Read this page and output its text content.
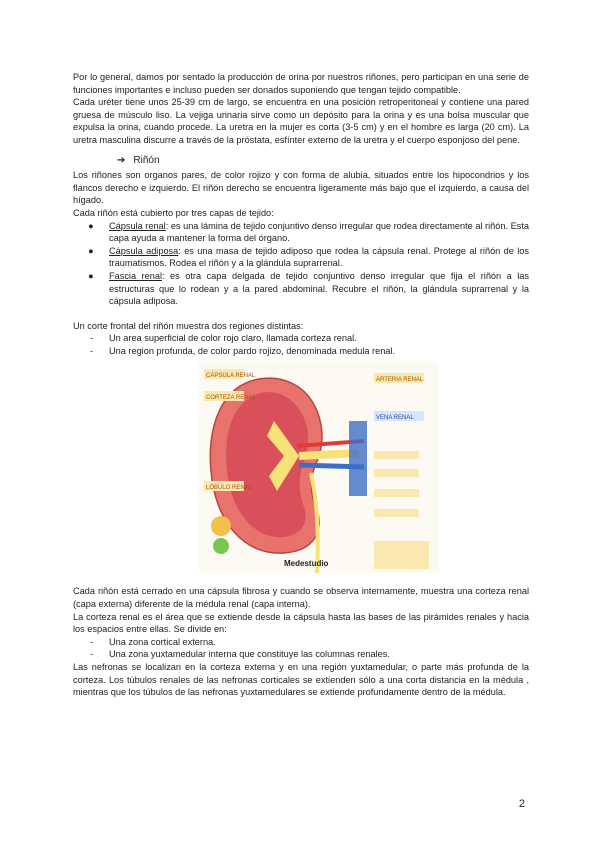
Por lo general, damos por sentado la producción de orina por nuestros riñones, pero participan en una serie de funciones importantes e incluso pueden ser donados suponiendo que tengan tejido compatible.

Cada uréter tiene unos 25-39 cm de largo, se encuentra en una posición retroperitoneal y contiene una pared gruesa de músculo liso. La vejiga urinaria sirve como un depósito para la orina y es una bolsa muscular que expulsa la orina, cuando procede. La uretra en la mujer es corta (3-5 cm) y en el hombre es larga (20 cm). La uretra masculina discurre a través de la próstata, esfínter externo de la uretra y el cuerpo esponjoso del pene.

➔ Riñón

Los riñones son organos pares, de color rojizo y con forma de alubia, situados entre los hipocondrios y los flancos derecho e izquierdo. El riñón derecho se encuentra ligeramente más bajo que el izquierdo, a causa del hígado.

Cada riñón está cubierto por tres capas de tejido:

● Cápsula renal: es una lámina de tejido conjuntivo denso irregular que rodea directamente al riñón. Esta capa ayuda a mantener la forma del órgano.
● Cápsula adiposa: es una masa de tejido adiposo que rodea la cápsula renal. Protege al riñón de los traumatismos. Rodea el riñón y a la glándula suprarrenal.
● Fascia renal: es otra capa delgada de tejido conjuntivo denso irregular que fija el riñón a las estructuras que lo rodean y a la pared abdominal. Recubre el riñón, la glándula suprarrenal y la cápsula adiposa.

Un corte frontal del riñón muestra dos regiones distintas:

- Un area superficial de color rojo claro, llamada corteza renal.
- Una region profunda, de color pardo rojizo, denominada medula renal.
CÁPSULA RENAL
CORTEZA RENAL
ARTERIA RENAL
VENA RENAL
LÓBULO RENAL
Medestudio

Cada riñón está cerrado en una cápsula fibrosa y cuando se observa internamente, muestra una corteza renal (capa externa) diferente de la médula renal (capa interna).

La corteza renal es el área que se extiende desde la cápsula hasta las bases de las pirámides renales y hacia los espacios entre ellas. Se divide en:

- Una zona cortical externa.
- Una zona yuxtamedular interna que constituye las columnas renales.

Las nefronas se localizan en la corteza externa y en una región yuxtamedular, o parte más profunda de la corteza. Los túbulos renales de las nefronas corticales se extienden sólo a una corta distancia en la médula , mientras que los túbulos de las nefronas yuxtamedulares se extiende profundamente dentro de la médula.

2
